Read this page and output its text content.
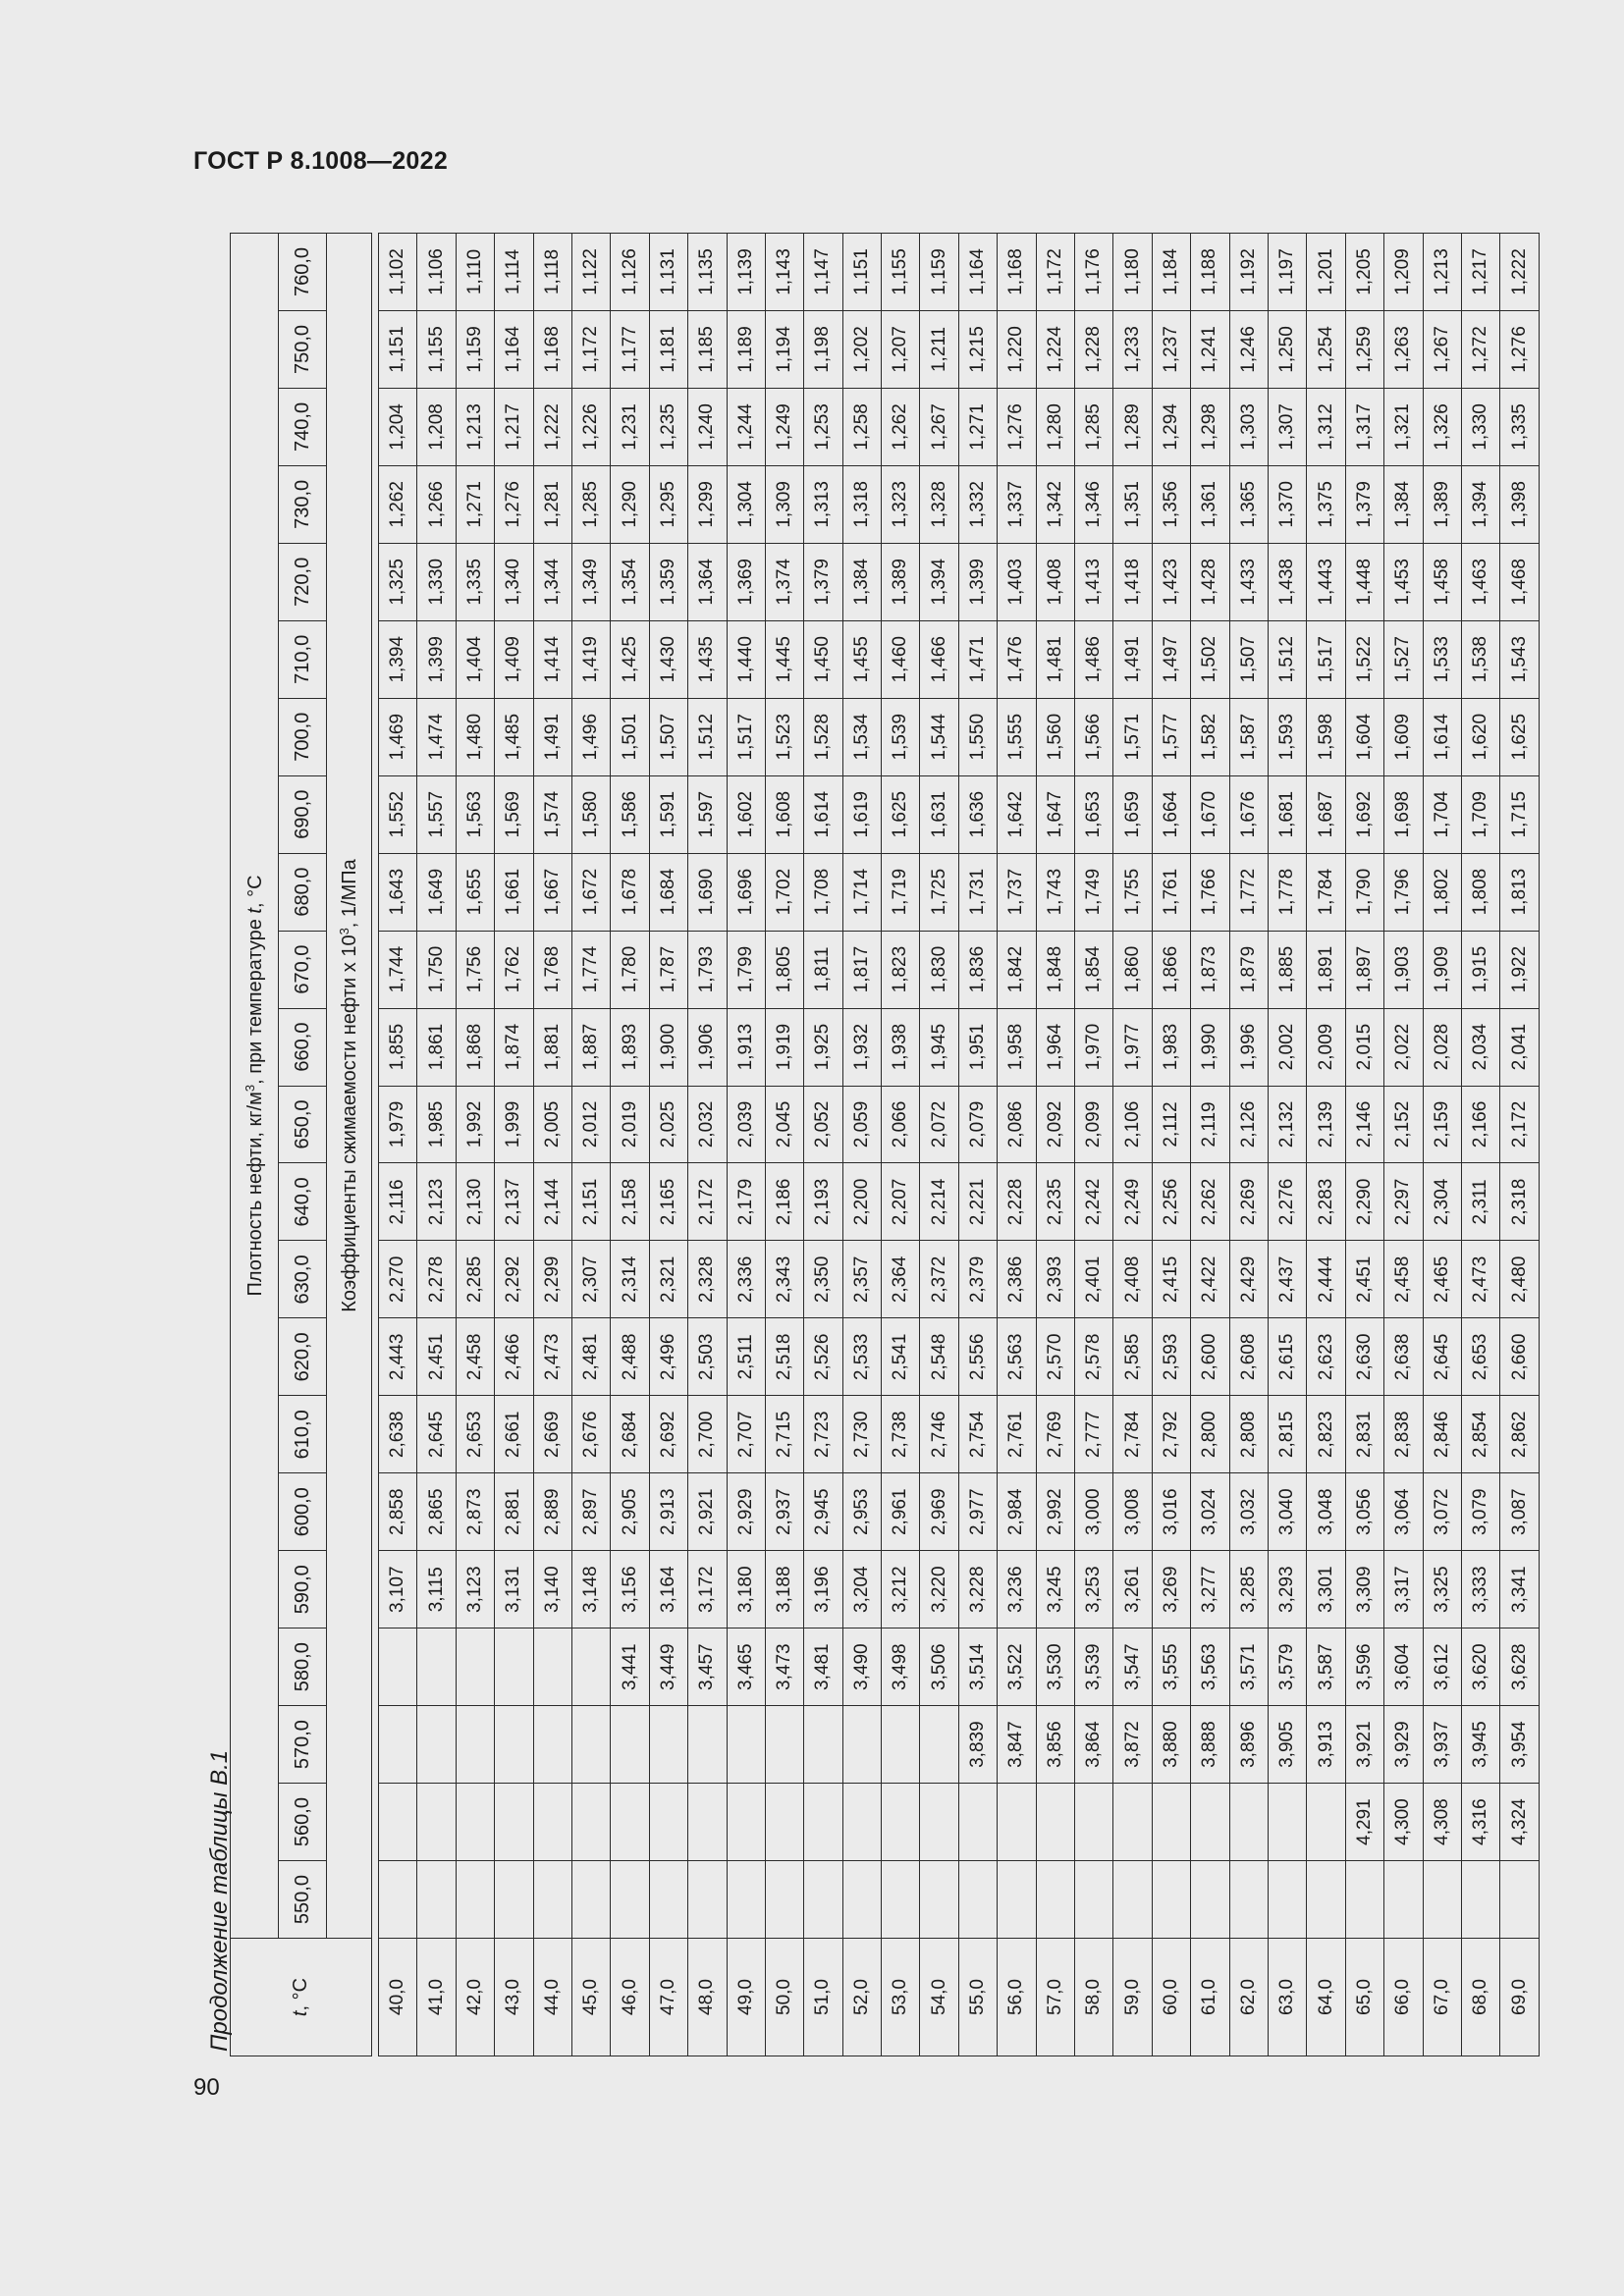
ГОСТ Р 8.1008—2022
Продолжение таблицы В.1
90
t, °C	Плотность нефти, $кг/м^3$, при температуре t, °C																					
	550,0	560,0	570,0	580,0	590,0	600,0	610,0	620,0	630,0	640,0	650,0	660,0	670,0	680,0	690,0	700,0	710,0	720,0	730,0	740,0	750,0	760,0
	Коэффициенты сжимаемости нефти х $10^3$, 1/МПа																					

40,0					3,107	2,858	2,638	2,443	2,270	2,116	1,979	1,855	1,744	1,643	1,552	1,469	1,394	1,325	1,262	1,204	1,151	1,102
41,0					3,115	2,865	2,645	2,451	2,278	2,123	1,985	1,861	1,750	1,649	1,557	1,474	1,399	1,330	1,266	1,208	1,155	1,106
42,0					3,123	2,873	2,653	2,458	2,285	2,130	1,992	1,868	1,756	1,655	1,563	1,480	1,404	1,335	1,271	1,213	1,159	1,110
43,0					3,131	2,881	2,661	2,466	2,292	2,137	1,999	1,874	1,762	1,661	1,569	1,485	1,409	1,340	1,276	1,217	1,164	1,114
44,0					3,140	2,889	2,669	2,473	2,299	2,144	2,005	1,881	1,768	1,667	1,574	1,491	1,414	1,344	1,281	1,222	1,168	1,118
45,0					3,148	2,897	2,676	2,481	2,307	2,151	2,012	1,887	1,774	1,672	1,580	1,496	1,419	1,349	1,285	1,226	1,172	1,122
46,0				3,441	3,156	2,905	2,684	2,488	2,314	2,158	2,019	1,893	1,780	1,678	1,586	1,501	1,425	1,354	1,290	1,231	1,177	1,126
47,0				3,449	3,164	2,913	2,692	2,496	2,321	2,165	2,025	1,900	1,787	1,684	1,591	1,507	1,430	1,359	1,295	1,235	1,181	1,131
48,0				3,457	3,172	2,921	2,700	2,503	2,328	2,172	2,032	1,906	1,793	1,690	1,597	1,512	1,435	1,364	1,299	1,240	1,185	1,135
49,0				3,465	3,180	2,929	2,707	2,511	2,336	2,179	2,039	1,913	1,799	1,696	1,602	1,517	1,440	1,369	1,304	1,244	1,189	1,139
50,0				3,473	3,188	2,937	2,715	2,518	2,343	2,186	2,045	1,919	1,805	1,702	1,608	1,523	1,445	1,374	1,309	1,249	1,194	1,143
51,0				3,481	3,196	2,945	2,723	2,526	2,350	2,193	2,052	1,925	1,811	1,708	1,614	1,528	1,450	1,379	1,313	1,253	1,198	1,147
52,0				3,490	3,204	2,953	2,730	2,533	2,357	2,200	2,059	1,932	1,817	1,714	1,619	1,534	1,455	1,384	1,318	1,258	1,202	1,151
53,0				3,498	3,212	2,961	2,738	2,541	2,364	2,207	2,066	1,938	1,823	1,719	1,625	1,539	1,460	1,389	1,323	1,262	1,207	1,155
54,0				3,506	3,220	2,969	2,746	2,548	2,372	2,214	2,072	1,945	1,830	1,725	1,631	1,544	1,466	1,394	1,328	1,267	1,211	1,159
55,0			3,839	3,514	3,228	2,977	2,754	2,556	2,379	2,221	2,079	1,951	1,836	1,731	1,636	1,550	1,471	1,399	1,332	1,271	1,215	1,164
56,0			3,847	3,522	3,236	2,984	2,761	2,563	2,386	2,228	2,086	1,958	1,842	1,737	1,642	1,555	1,476	1,403	1,337	1,276	1,220	1,168
57,0			3,856	3,530	3,245	2,992	2,769	2,570	2,393	2,235	2,092	1,964	1,848	1,743	1,647	1,560	1,481	1,408	1,342	1,280	1,224	1,172
58,0			3,864	3,539	3,253	3,000	2,777	2,578	2,401	2,242	2,099	1,970	1,854	1,749	1,653	1,566	1,486	1,413	1,346	1,285	1,228	1,176
59,0			3,872	3,547	3,261	3,008	2,784	2,585	2,408	2,249	2,106	1,977	1,860	1,755	1,659	1,571	1,491	1,418	1,351	1,289	1,233	1,180
60,0			3,880	3,555	3,269	3,016	2,792	2,593	2,415	2,256	2,112	1,983	1,866	1,761	1,664	1,577	1,497	1,423	1,356	1,294	1,237	1,184
61,0			3,888	3,563	3,277	3,024	2,800	2,600	2,422	2,262	2,119	1,990	1,873	1,766	1,670	1,582	1,502	1,428	1,361	1,298	1,241	1,188
62,0			3,896	3,571	3,285	3,032	2,808	2,608	2,429	2,269	2,126	1,996	1,879	1,772	1,676	1,587	1,507	1,433	1,365	1,303	1,246	1,192
63,0			3,905	3,579	3,293	3,040	2,815	2,615	2,437	2,276	2,132	2,002	1,885	1,778	1,681	1,593	1,512	1,438	1,370	1,307	1,250	1,197
64,0			3,913	3,587	3,301	3,048	2,823	2,623	2,444	2,283	2,139	2,009	1,891	1,784	1,687	1,598	1,517	1,443	1,375	1,312	1,254	1,201
65,0		4,291	3,921	3,596	3,309	3,056	2,831	2,630	2,451	2,290	2,146	2,015	1,897	1,790	1,692	1,604	1,522	1,448	1,379	1,317	1,259	1,205
66,0		4,300	3,929	3,604	3,317	3,064	2,838	2,638	2,458	2,297	2,152	2,022	1,903	1,796	1,698	1,609	1,527	1,453	1,384	1,321	1,263	1,209
67,0		4,308	3,937	3,612	3,325	3,072	2,846	2,645	2,465	2,304	2,159	2,028	1,909	1,802	1,704	1,614	1,533	1,458	1,389	1,326	1,267	1,213
68,0		4,316	3,945	3,620	3,333	3,079	2,854	2,653	2,473	2,311	2,166	2,034	1,915	1,808	1,709	1,620	1,538	1,463	1,394	1,330	1,272	1,217
69,0		4,324	3,954	3,628	3,341	3,087	2,862	2,660	2,480	2,318	2,172	2,041	1,922	1,813	1,715	1,625	1,543	1,468	1,398	1,335	1,276	1,222
